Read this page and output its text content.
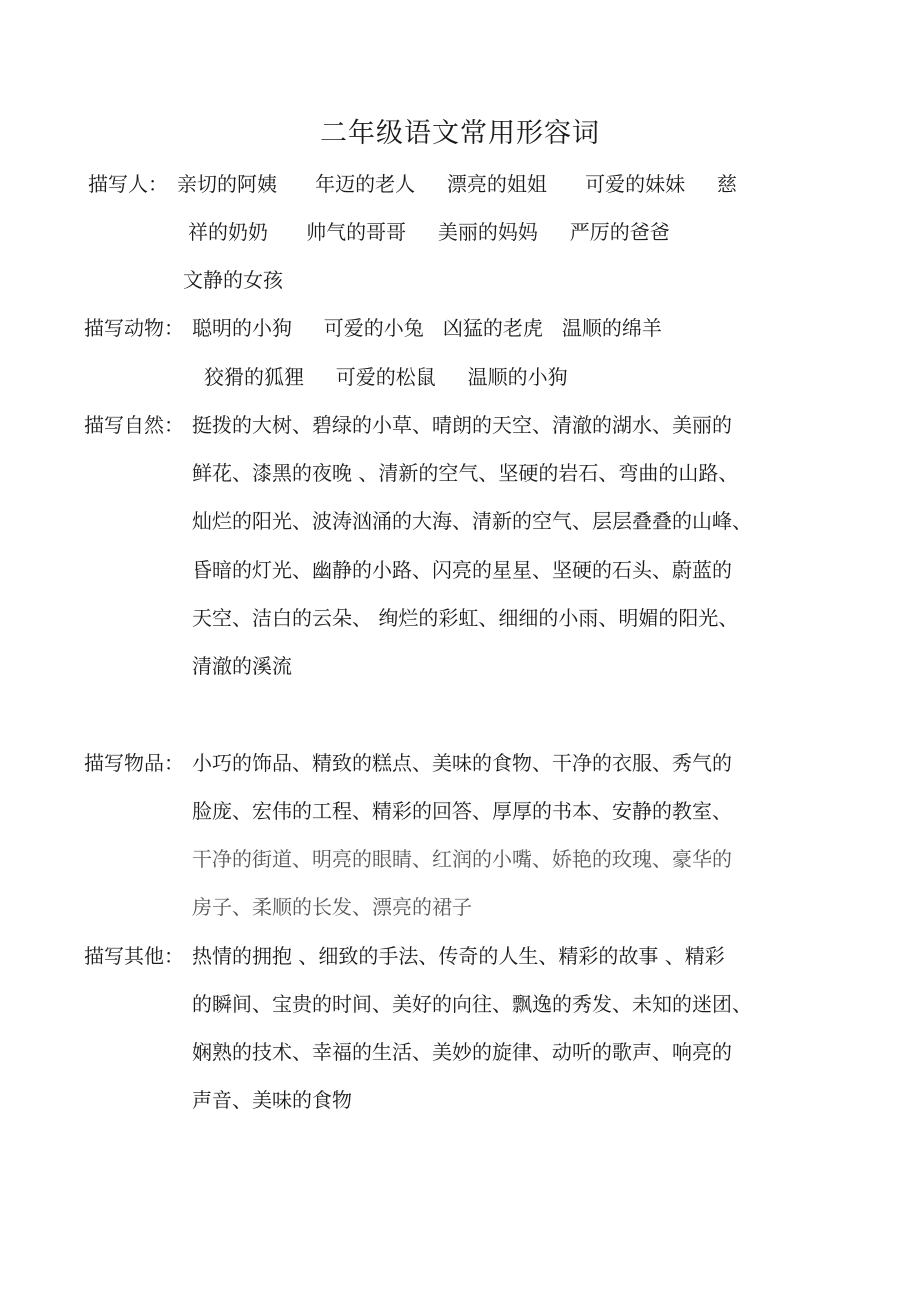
二年级语文常用形容词
描写人： 亲切的阿姨      年迈的老人     漂亮的姐姐      可爱的妹妹     慈
祥的奶奶      帅气的哥哥     美丽的妈妈     严厉的爸爸
文静的女孩
描写动物： 聪明的小狗     可爱的小兔   凶猛的老虎   温顺的绵羊
狡猾的狐狸     可爱的松鼠     温顺的小狗
描写自然： 挺拨的大树、碧绿的小草、晴朗的天空、清澈的湖水、美丽的
鲜花、漆黑的夜晚 、清新的空气、坚硬的岩石、弯曲的山路、
灿烂的阳光、波涛汹涌的大海、清新的空气、层层叠叠的山峰、
昏暗的灯光、幽静的小路、闪亮的星星、坚硬的石头、蔚蓝的
天空、洁白的云朵、 绚烂的彩虹、细细的小雨、明媚的阳光、
清澈的溪流
描写物品： 小巧的饰品、精致的糕点、美味的食物、干净的衣服、秀气的
脸庞、宏伟的工程、精彩的回答、厚厚的书本、安静的教室、
干净的街道、明亮的眼睛、红润的小嘴、娇艳的玫瑰、豪华的
房子、柔顺的长发、漂亮的裙子
描写其他： 热情的拥抱 、细致的手法、传奇的人生、精彩的故事 、精彩
的瞬间、宝贵的时间、美好的向往、飘逸的秀发、未知的迷团、
娴熟的技术、幸福的生活、美妙的旋律、动听的歌声、响亮的
声音、美味的食物
